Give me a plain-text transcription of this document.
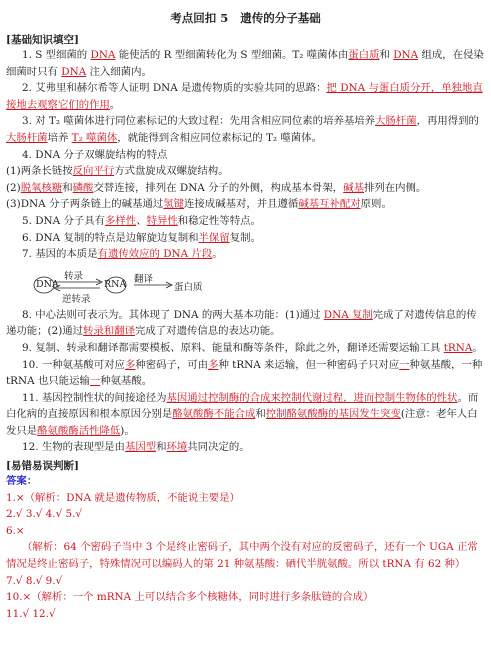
考点回扣 5 遗传的分子基础
[基础知识填空]

1. S 型细菌的 DNA 能使活的 R 型细菌转化为 S 型细菌。T₂ 噬菌体由蛋白质和 DNA 组成，在侵染细菌时只有 DNA 注入细菌内。

2. 艾弗里和赫尔希等人证明 DNA 是遗传物质的实验共同的思路：把 DNA 与蛋白质分开，单独地直接地去观察它们的作用。

3. 对 T₂ 噬菌体进行同位素标记的大致过程：先用含相应同位素的培养基培养大肠杆菌，再用得到的大肠杆菌培养 T₂ 噬菌体，就能得到含相应同位素标记的 T₂ 噬菌体。

4. DNA 分子双螺旋结构的特点

(1)两条长链按反向平行方式盘旋成双螺旋结构。

(2)脱氧核糖和磷酸交替连接，排列在 DNA 分子的外侧，构成基本骨架，碱基排列在内侧。

(3)DNA 分子两条链上的碱基通过氢键连接成碱基对，并且遵循碱基互补配对原则。

5. DNA 分子具有多样性、特异性和稳定性等特点。

6. DNA 复制的特点是边解旋边复制和半保留复制。

7. 基因的本质是有遗传效应的 DNA 片段。

DNA
转录
逆转录
RNA 翻译
蛋白质

8. 中心法则可表示为。其体现了 DNA 的两大基本功能：(1)通过 DNA 复制完成了对遗传信息的传递功能；(2)通过转录和翻译完成了对遗传信息的表达功能。

9. 复制、转录和翻译都需要模板、原料、能量和酶等条件，除此之外，翻译还需要运输工具 tRNA。

10. 一种氨基酸可对应多种密码子，可由多种 tRNA 来运输，但一种密码子只对应一种氨基酸，一种 tRNA 也只能运输一种氨基酸。

11. 基因控制性状的间接途径为基因通过控制酶的合成来控制代谢过程，进而控制生物体的性状。而白化病的直接原因和根本原因分别是酪氨酸酶不能合成和控制酪氨酸酶的基因发生突变(注意：老年人白发只是酪氨酸酶活性降低)。

12. 生物的表现型是由基因型和环境共同决定的。

[易错易误判断]

答案：

1.×（解析：DNA 就是遗传物质，不能说主要是）

2.√ 3.√ 4.√ 5.√

6.×

（解析：64 个密码子当中 3 个是终止密码子，其中两个没有对应的反密码子，还有一个 UGA 正常情况是终止密码子，特殊情况可以编码人的第 21 种氨基酸：硒代半胱氨酸。所以 tRNA 有 62 种）

7.√ 8.√ 9.√

10.×（解析：一个 mRNA 上可以结合多个核糖体，同时进行多条肽链的合成）

11.√ 12.√
